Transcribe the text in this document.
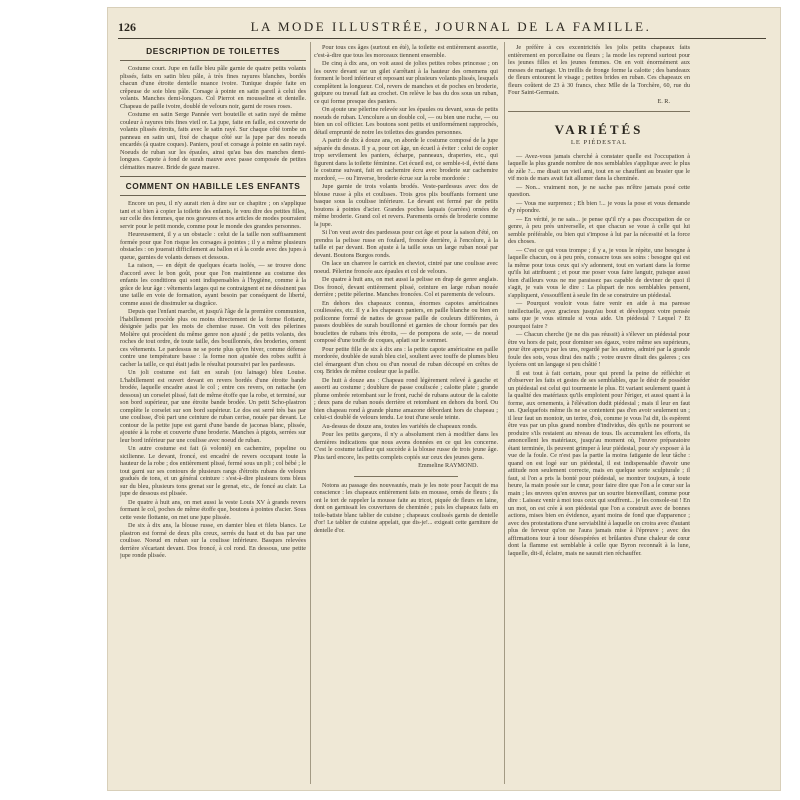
126	LA MODE ILLUSTRÉE, JOURNAL DE LA FAMILLE.
DESCRIPTION DE TOILETTES

Costume court. Jupe en faille bleu pâle garnie de quatre petits volants plissés, faits en satin bleu pâle, à très fines rayures blanches, bordés chacun d'une étroite dentelle nuance ivoire. Tunique drapée faite en crêpeuse de soie bleu pâle. Corsage à pointe en satin pareil à celui des volants. Manches demi-longues. Col Pierrot en mousseline et dentelle. Chapeau de paille ivoire, doublé de velours noir, garni de roses roses.

Costume en satin Serge Pannée vert bouteille et satin rayé de même couleur à rayures très fines vieil or. La jupe, faite en faille, est couverte de volants plissés étroits, faits avec le satin rayé. Sur chaque côté tombe un panneau en satin uni, fixé de chaque côté sur la jupe par des noeuds encardés (à quatre coques). Paniers, pouf et corsage à pointe en satin rayé. Noeuds de ruban sur les épaules, ainsi qu'au bas des manches demi-longues. Capote à fond de surah mauve avec passe composée de petites clématites mauve. Bride de gaze mauve.

COMMENT ON HABILLE LES ENFANTS

Encore un peu, il n'y aurait rien à dire sur ce chapitre ; on s'applique tant et si bien à copier la toilette des enfants, le vœu dire des petites filles, sur celle des femmes, que nos gravures et nos articles de modes pourraient servir pour le petit monde, comme pour le monde des grandes personnes.

Heureusement, il y a un obstacle : celui de la taille non suffisamment formée pour que l'on risque les corsages à pointes ; il y a même plusieurs obstacles : on jouerait difficilement au ballon et à la corde avec des jupes à queue, garnies de volants denses et dessous.

La raison, — en dépit de quelques écarts isolés, — se trouve donc d'accord avec le bon goût, pour que l'on maintienne au costume des enfants les conditions qui sont indispensables à l'hygiène, comme à la grâce de leur âge : vêtements larges qui ne contraignent et ne déssinent pas une taille en voie de formation, ayant besoin par conséquent de liberté, comme aussi de dissimuler sa disgrâce.

Depuis que l'enfant marche, et jusqu'à l'âge de la première communion, l'habillement procède plus ou moins directement de la forme flottante, désignée jadis par les mots de chemise russe. On voit des pèlerines Molière qui procèdent du même genre non ajusté ; de petits volants, des roches de tout ordre, de toute taille, des bouillonnés, des broderies, ornent ces vêtements. Le pardessus ne se porte plus qu'en hiver, comme défense contre une température basse : la forme non ajustée des robes suffit à cacher la taille, ce qui était jadis le résultat poursuivi par les pardessus.

Un joli costume est fait en surah (ou lainage) bleu Louise. L'habillement est ouvert devant en revers bordés d'une étroite bande brodée, laquelle encadre aussi le col ; entre ces revers, on rattache (en dessous) un corselet plissé, fait de même étoffe que la robe, et terminé, sur son bord supérieur, par une étroite bande brodée. Un petit Scho-plastron complète le corselet sur son bord supérieur. Le dos est serré très bas par une coulisse, d'où part une ceinture de ruban cerise, nouée par devant. Le contour de la petite jupe est garni d'une bande de jaconas blanc, plissée, ajoutée à la robe et couverte d'une broderie. Manches à pigots, serrées sur leur bord inférieur par une coulisse avec noeud de ruban.

Un autre costume est fait (à volonté) en cachemire, popeline ou sicilienne. Le devant, froncé, est encadré de revers occupant toute la hauteur de la robe ; dos entièrement plissé, fermé sous un pli ; col bébé ; le tout garni sur ses contours de plusieurs rangs d'étroits rubans de velours gradués de tons, et un général ceinture : s'est-à-dire plusieurs tons bleus sur du bleu, plusieurs tons grenat sur le grenat, etc., de foncé au clair. La jupe de dessous est plissée.

De quatre à huit ans, on met aussi la veste Louis XV à grands revers formant le col, poches de même étoffe que, boutons à pointes d'acier. Sous cette veste flottante, on met une jupe plissée.

De six à dix ans, la blouse russe, en damier bleu et filets blancs. Le plastron est formé de deux plis creux, serrés du haut et du bas par une coulisse. Noeud en ruban sur la coulisse inférieure. Basques relevées derrière s'écartant devant. Dos froncé, à col rond. En dessous, une petite jupe ronde plissée.

Pour tous ces âges (surtout en été), la toilette est entièrement assortie, c'est-à-dire que tous les morceaux tiennent ensemble.

De cinq à dix ans, on voit aussi de jolies petites robes princesse ; on les ouvre devant sur un gilet s'arrêtant à la hauteur des ornemens qui forment le bord inférieur et reposant sur plusieurs volants plissés, lesquels complètent la longueur. Col, revers de manches et de poches en broderie, guipure ou travail fait au crochet. On relève le bas du dos sous un ruban, ce qui forme presque des paniers.

On ajoute une pèlerine relevée sur les épaules ou devant, sous de petits noeuds de ruban. L'encolure a un double col, — ou bien une ruche, — ou bien un col officier. Les boutons sont petits et uniformément rapprochés, détail emprunté de notre les toilettes des grandes personnes.

A partir de dix à douze ans, on aborde le costume composé de la jupe séparée du dessus. Il y a, pour cet âge, un écueil à éviter : celui de copier trop servilement les paniers, écharpe, panneaux, draperies, etc., qui figurent dans la toilette féminine. Cet écueil est, ce semble-t-il, évité dans le costume suivant, fait en cachemire écru avec broderie sur cachemire mordoré, — ou l'inverse, broderie écrue sur la robe mordorée :

Jupe garnie de trois volants brodés. Veste-pardessus avec dos de blouse russe à plis et coulisses. Trois gros plis bouffants forment une basque sous la coulisse inférieure. Le devant est fermé par de petits boutons à pointes d'acier. Grandes poches laquais (carrées) ornées de même broderie. Grand col et revers. Parements ornés de broderie comme la jupe.

Si l'on veut avoir des pardessus pour cet âge et pour la saison d'été, on prendra la pelisse russe en foulard, froncée derrière, à l'encolure, à la taille et par devant. Bon ajuste à la taille sous un large ruban noué par devant. Boutons Burgos ronds.

On lace un chanvre le carrick en cheviot, cintré par une coulisse avec noeud. Pèlerine froncée aux épaules et col de velours.

De quatre à huit ans, on met aussi la pelisse en drap de genre anglais. Dos froncé, devant entièrement plissé, ceinture en large ruban nouée derrière ; petite pèlerine. Manches froncées. Col et parements de velours.

En dehors des chapeaux connus, énormes capotes américaines couliessées, etc. Il y a les chapeaux paniers, en paille blanche ou bien en poilicenne formé de nattes de grosse paille de couleurs différentes, à passes doublées de surah bouillonné et garnies de chour formés par des bouclettes de rubans très étroits, — de pompons de soie, — de noeud composé d'une touffe de coques, aplati sur le sommet.

Pour petite fille de six à dix ans : la petite capote américaine en paille mordorée, doublée de surah bleu ciel, soulient avec touffe de plumes bleu ciel émargeant d'un chou ou d'un noeud de ruban découpé en crêtes de coq. Brides de même couleur que la paille.

De huit à douze ans : Chapeau rond légèrement relevé à gauche et assorti au costume ; doublure de passe couliscée ; calotte plate ; grande plume ombrée retombant sur le front, ruché de rubans autour de la calotte ; deux pans de ruban noués derrière et retombant en dehors du bord. Ou bien chapeau rond à grande plume amazone débordant hors de chapeau ; celui-ci doublé de velours tendu. Le tout d'une seule teinte.

Au-dessus de douze ans, toutes les variétés de chapeaux ronds.

Pour les petits garçons, il n'y a absolument rien à modifier dans les dernières indications que nous avons données en ce qui les concerne. C'est le costume tailleur qui succède à la blouse russe de trois jeune âge. Plus tard encore, les petits complets copiés sur ceux des jeunes gens.

Emmeline RAYMOND.

Notons au passage des nouveautés, mais je les note pour l'acquit de ma conscience : les chapeaux entièrement faits en mousse, ornés de fleurs ; ils ont le tort de rappeler la mousse faite au tricot, piquée de fleurs en laine, dont on garnissait les couvertures de cheminée ; puis les chapeaux faits en toile-batiste blanc tablier de cuisine ; chapeaux coulissés garnis de dentelle d'or! Le tablier de cuisine appelait, que dis-je!... exigeait cette garniture de dentelle d'or.

Je préfère à ces excentricités les jolis petits chapeaux faits entièrement en porcellaine ou fleurs ; la mode les reprend surtout pour les jeunes filles et les jeunes femmes. On en voit énormément aux messes de mariage. Un treillis de fronge forme la calotte ; des bandeaux de fleurs entourent le visage ; petites brides en ruban. Ces chapeaux en fleurs coûtent de 23 à 30 francs, chez Mlle de la Torchère, 60, rue du Four Saint-Germain.

E. R.

VARIÉTÉS
LE PIÉDESTAL

— Avez-vous jamais cherché à constater quelle est l'occupation à laquelle la plus grande nombre de nos semblables s'applique avec le plus de zèle ?... me disait un vieil ami, tout en se chauffant au brasier que le vif mois de mars avait fait allumer dans la cheminée.

— Non... vraiment non, je ne sache pas m'être jamais posé cette question.

— Vous me surprenez ; Eh bien !... je vous la pose et vous demande d'y répondre.

— En vérité, je ne sais... je pense qu'il n'y a pas d'occupation de ce genre, à peu près universelle, et que chacun se voue à celle qui lui semble préférable, ou bien qui s'impose à lui par la nécessité et la force des choses.

— C'est ce qui vous trompe ; il y a, je vous le répète, une besogne à laquelle chacun, ou à peu près, consacre tous ses soins : besogne qui est la même pour tous ceux qui s'y adonnent, tout en variant dans la forme qu'ils lui attribuent ; et pour me poser vous faire languir, puisque aussi bien d'ailleurs vous ne me paraissez pas capable de deviner de quoi il s'agit, je vais vous le dire : La plupart de nos semblables pensent, s'appliquent, s'essoufflent à seule fin de se construire un piédestal.

— Pourquoi vouloir vous faire venir en aide à ma paresse intellectuelle, ayez gracieux jusqu'au bout et développez votre pensée sans que je vous stimule si vous aide. Un piédestal ? Lequel ? Et pourquoi faire ?

— Chacun cherche (je ne dis pas réussit) à s'élever un piédestal pour être vu hors de pair, pour dominer ses égaux, voire même ses supérieurs, pour être aperçu par les uns, regardé par les autres, admiré par la grande foule des sots, vous dirai des naïfs ; votre œuvre dirait des galeres ; ces lycéens ont un langage si peu châtié !

Il est tout à fait certain, pour qui prend la peine de réfléchir et d'observer les faits et gestes de ses semblables, que le désir de posséder un piédestal est celui qui tourmente le plus. Et variant seulement quant à la qualité des matériaux qu'ils emploient pour l'ériger, et aussi quant à la forme, aux ornements, à l'élévation dudit piédestal ; mais il leur en faut un. Quelquefois même ils ne se contentent pas d'en avoir seulement un ; il leur faut un montoir, un tertre, d'où, comme je vous l'ai dit, ils espèrent être vus par un plus grand nombre d'individus, dès qu'ils ne pourront se produire s'ils restaient au niveau de tous. Ils accumulent les efforts, ils amoncellent les matériaux, jusqu'au moment où, l'œuvre préparatoire étant terminée, ils peuvent grimper à leur piédestal, pour s'y exposer à la vue de la foule. Ce n'est pas la partie la moins fatigante de leur tâche : quand on est logé sur un piédestal, il est indispensable d'avoir une attitude non seulement correcte, mais en quelque sorte sculpturale ; il faut, si l'on a pris la bonté pour piédestal, se montrer toujours, à toute heure, la main posée sur le cœur, pour faire dire que l'on a le cœur sur la main ; les œuvres qu'en œuvres par un sourire bienveillant, comme pour dire : Laissez venir à moi tous ceux qui souffrent... je les console-rai ! En un mot, on est crée à son piédestal que l'on a construit avec de bonnes actions, mises bien en évidence, ayant moins de fond que d'apparence ; avec des protestations d'une serviabilité à laquelle on croira avec d'autant plus de ferveur qu'on ne l'aura jamais mise à l'épreuve ; avec des affirmations tour à tour désespérées et brûlantes d'une chaleur de cœur dont la flamme est semblable à celle que Byron reconnaît à la lune, laquelle, dit-il, éclaire, mais ne saurait rien réchauffer.
